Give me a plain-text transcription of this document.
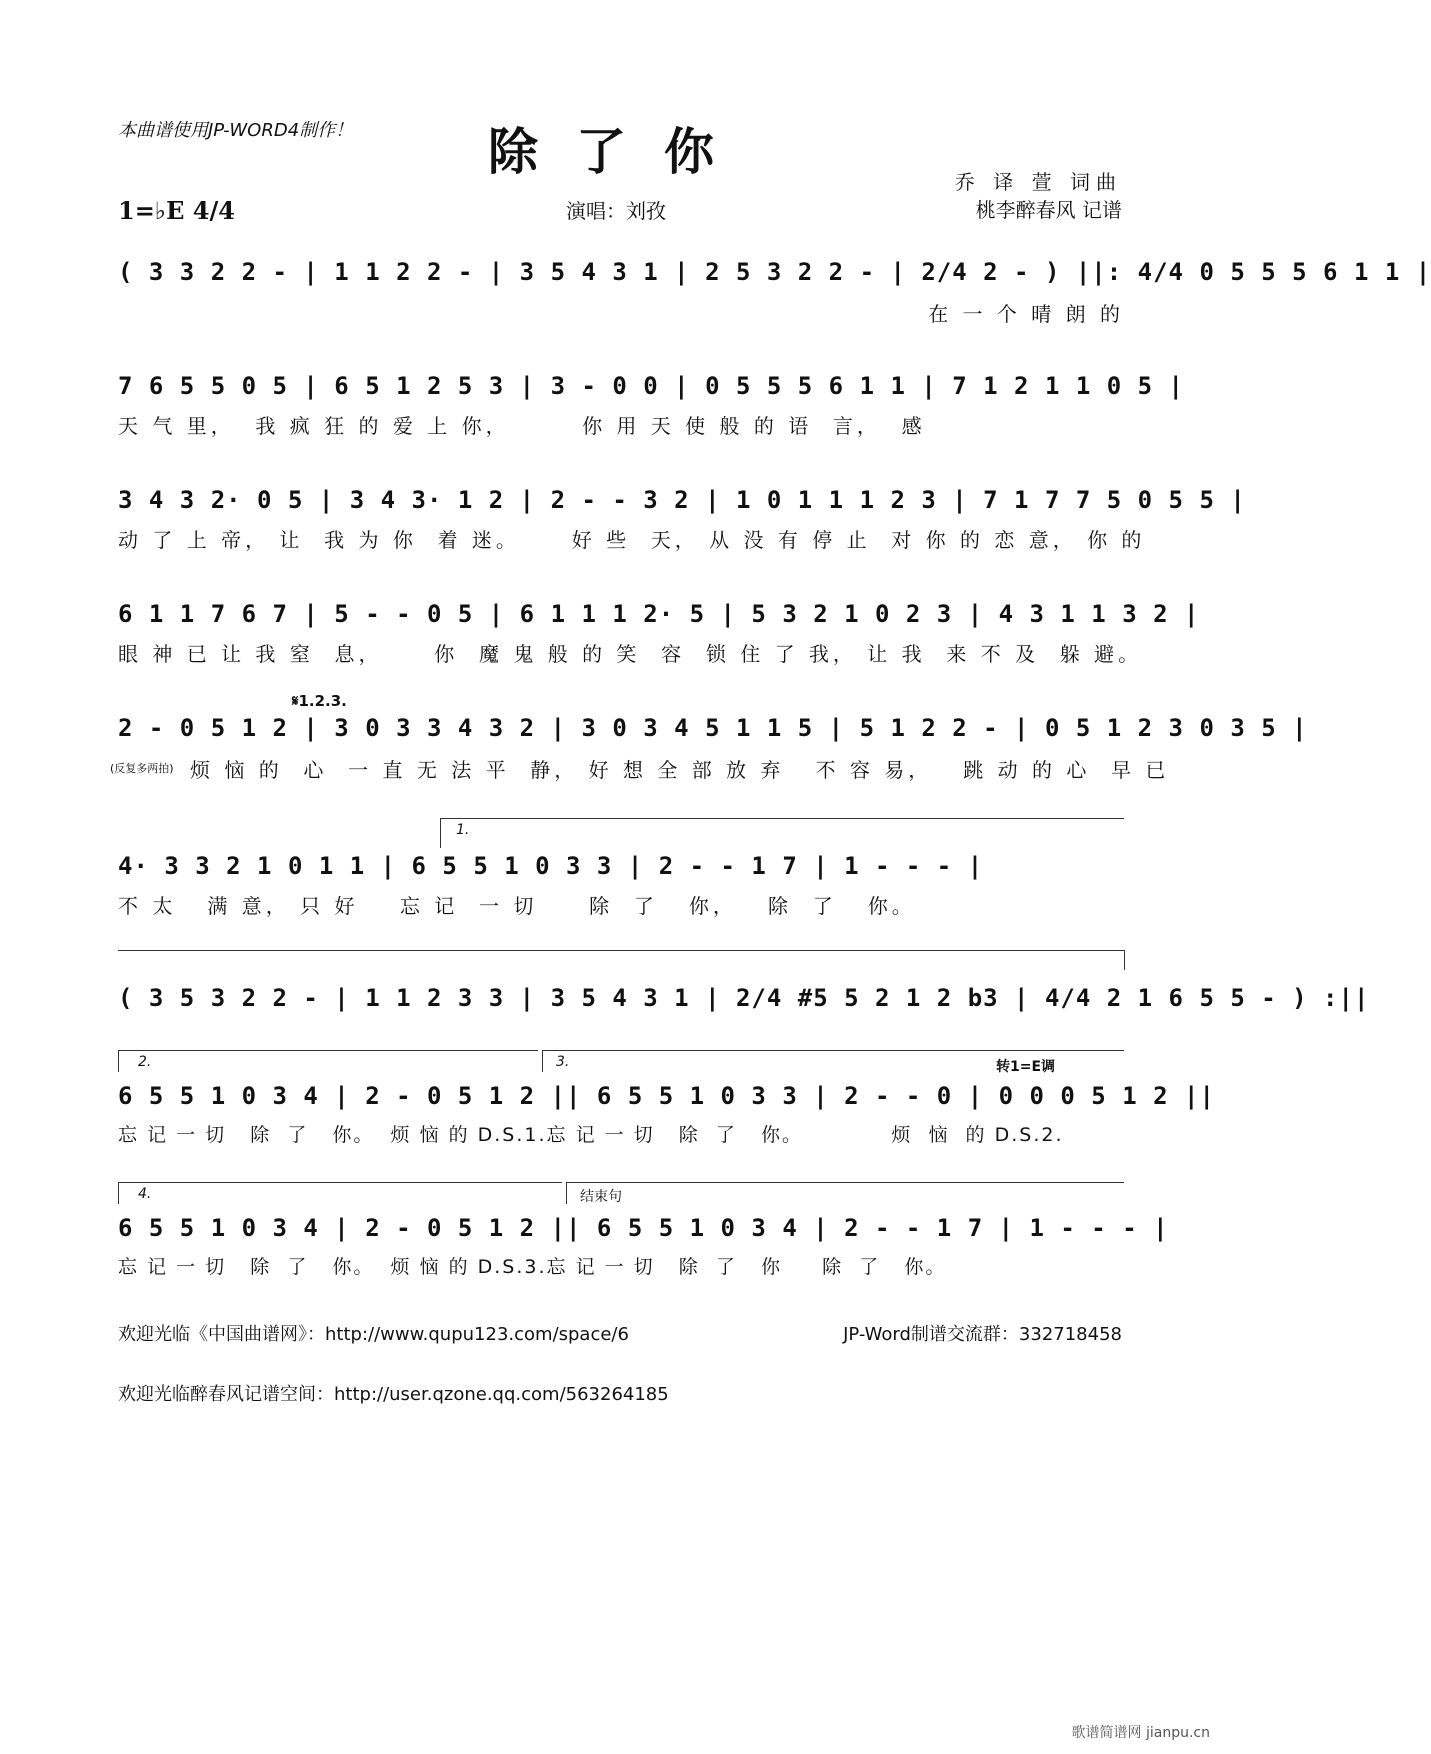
本曲谱使用JP-WORD4制作！	除了你
乔 译 萱 词曲
桃李醉春风 记谱
1=♭E 4/4	演唱：刘孜
( 3 3 2 2 - | 1 1 2 2 - | 3 5 4 3 1 | 2 5 3 2 2 - | 2/4 2 - ) ||: 4/4 0 5 5 5 6 1 1 |
在 一 个 晴 朗 的
7 6 5 5 0 5 | 6 5 1 2 5 3 | 3 - 0 0 | 0 5 5 5 6 1 1 | 7 1 2 1 1 0 5 |
天 气 里，  我 疯 狂 的 爱 上 你，       你 用 天 使 般 的 语  言，  感
3 4 3 2· 0 5 | 3 4 3· 1 2 | 2 - - 3 2 | 1 0 1 1 1 2 3 | 7 1 7 7 5 0 5 5 |
动 了 上 帝， 让  我 为 你  着 迷。     好 些  天， 从 没 有 停 止  对 你 的 恋 意， 你 的
6 1 1 7 6 7 | 5 - - 0 5 | 6 1 1 1 2· 5 | 5 3 2 1 0 2 3 | 4 3 1 1 3 2 |
眼 神 已 让 我 窒  息，     你  魔 鬼 般 的 笑  容  锁 住 了 我， 让 我  来 不 及  躲 避。
𝄋1.2.3.
2 - 0 5 1 2 | 3 0 3 3 4 3 2 | 3 0 3 4 5 1 1 5 | 5 1 2 2 - | 0 5 1 2 3 0 3 5 |
(反复多两拍) 烦 恼 的  心  一 直 无 法 平  静， 好 想 全 部 放 弃   不 容 易，   跳 动 的 心  早 已
1.
4· 3 3 2 1 0 1 1 | 6 5 5 1 0 3 3 | 2 - - 1 7 | 1 - - - |
不 太   满 意， 只 好    忘 记  一 切     除  了   你，   除  了   你。
( 3 5 3 2 2 - | 1 1 2 3 3 | 3 5 4 3 1 | 2/4 #5 5 2 1 2 b3 | 4/4 2 1 6 5 5 - ) :||
2.	3.	转1=E调
6 5 5 1 0 3 4 | 2 - 0 5 1 2 || 6 5 5 1 0 3 3 | 2 - - 0 | 0 0 0 5 1 2 ||
忘 记 一 切   除  了   你。  烦 恼 的 D.S.1.忘 记 一 切   除  了   你。           烦  恼  的 D.S.2.
4.	结束句
6 5 5 1 0 3 4 | 2 - 0 5 1 2 || 6 5 5 1 0 3 4 | 2 - - 1 7 | 1 - - - |
忘 记 一 切   除  了   你。  烦 恼 的 D.S.3.忘 记 一 切   除  了   你     除  了   你。
欢迎光临《中国曲谱网》：http://www.qupu123.com/space/6	JP-Word制谱交流群：332718458
欢迎光临醉春风记谱空间：http://user.qzone.qq.com/563264185
歌谱简谱网 jianpu.cn
